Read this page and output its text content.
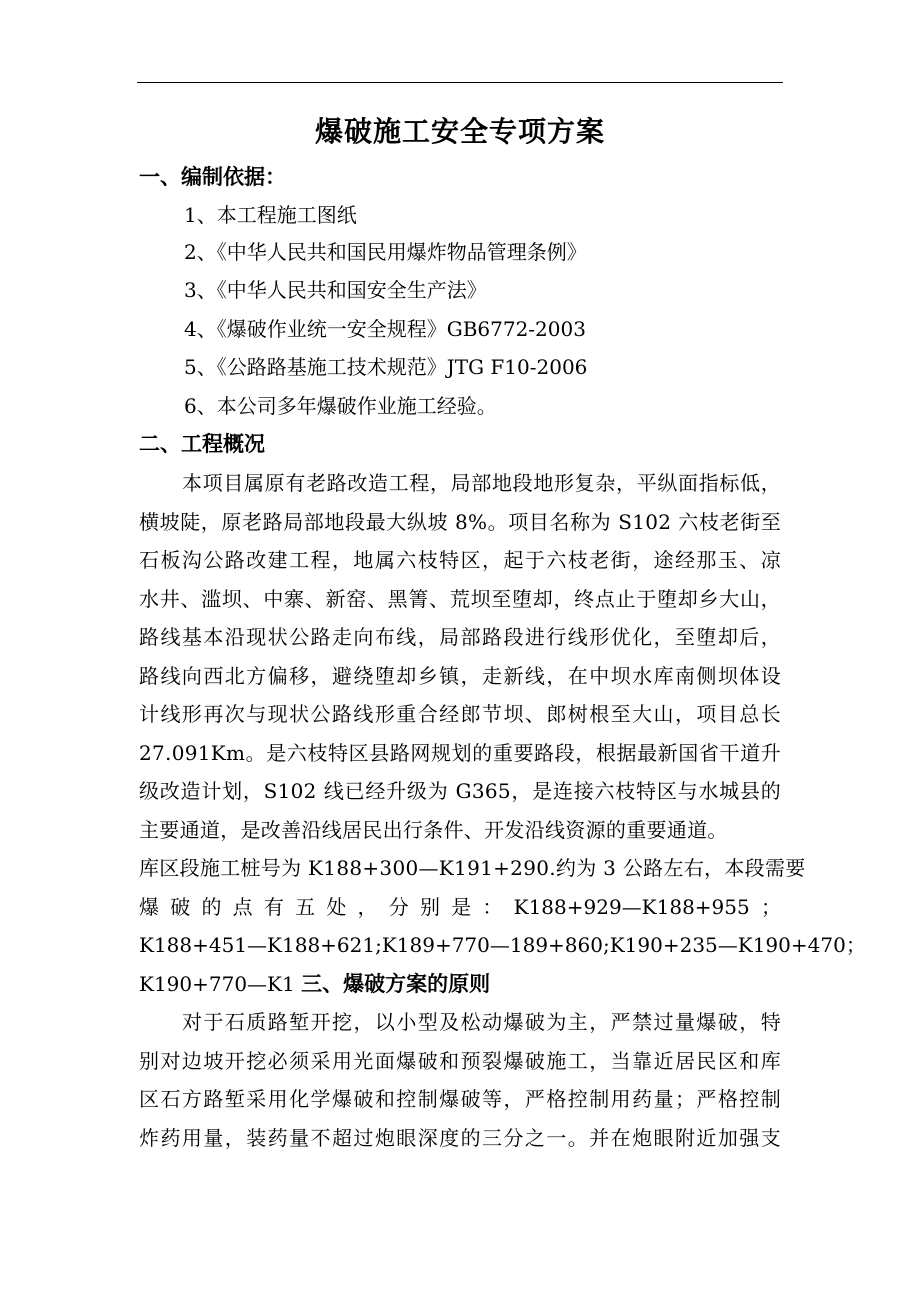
爆破施工安全专项方案
一、编制依据：
1、本工程施工图纸
2、《中华人民共和国民用爆炸物品管理条例》
3、《中华人民共和国安全生产法》
4、《爆破作业统一安全规程》GB6772-2003
5、《公路路基施工技术规范》JTG F10-2006
6、本公司多年爆破作业施工经验。
二、工程概况
本项目属原有老路改造工程，局部地段地形复杂，平纵面指标低，
横坡陡，原老路局部地段最大纵坡 8%。项目名称为 S102 六枝老街至
石板沟公路改建工程，地属六枝特区，起于六枝老街，途经那玉、凉
水井、滥坝、中寨、新窑、黑箐、荒坝至堕却，终点止于堕却乡大山，
路线基本沿现状公路走向布线，局部路段进行线形优化，至堕却后，
路线向西北方偏移，避绕堕却乡镇，走新线，在中坝水库南侧坝体设
计线形再次与现状公路线形重合经郎节坝、郎树根至大山，项目总长
27.091Km。是六枝特区县路网规划的重要路段，根据最新国省干道升
级改造计划，S102 线已经升级为 G365，是连接六枝特区与水城县的
主要通道，是改善沿线居民出行条件、开发沿线资源的重要通道。
库区段施工桩号为 K188+300—K191+290.约为 3 公路左右，本段需要
爆 破 的 点 有 五 处 ， 分 别 是 ： K188+929—K188+955 ；
K188+451—K188+621;K189+770—189+860;K190+235—K190+470 ；
K190+770—K1 三、爆破方案的原则
对于石质路堑开挖，以小型及松动爆破为主，严禁过量爆破，特
别对边坡开挖必须采用光面爆破和预裂爆破施工，当靠近居民区和库
区石方路堑采用化学爆破和控制爆破等，严格控制用药量；严格控制
炸药用量，装药量不超过炮眼深度的三分之一。并在炮眼附近加强支
